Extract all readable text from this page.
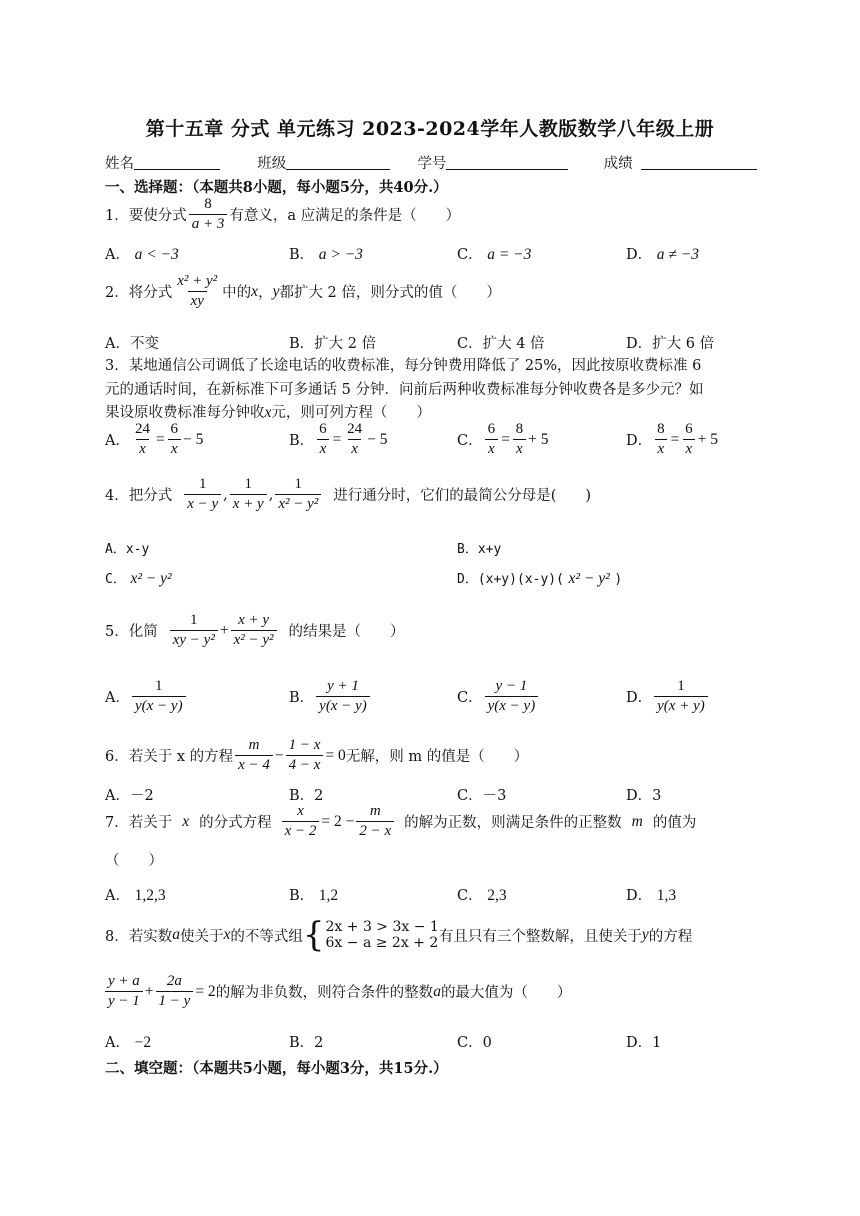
第十五章 分式 单元练习 2023-2024学年人教版数学八年级上册
姓名	班级	学号	成绩
一、选择题：（本题共8小题，每小题5分，共40分.）
1．要使分式 $\frac{8}{a + 3}$ 有意义，a 应满足的条件是（　　）
A． a < −3	B． a > −3	C． a = −3	D． a ≠ −3
2．将分式 $\frac{\text{x² + y²}}{xy}$ 中的 x ， y 都扩大 2 倍，则分式的值（　　）
A．不变	B．扩大 2 倍	C．扩大 4 倍	D．扩大 6 倍
3．某地通信公司调低了长途电话的收费标准，每分钟费用降低了 25%，因此按原收费标准 6
元的通话时间，在新标准下可多通话 5 分钟．问前后两种收费标准每分钟收费各是多少元？如
果设原收费标准每分钟收x元，则可列方程（　　）
A． $\frac{24}{x} = \frac{6}{x} - 5$	B． $\frac{6}{x} = \frac{24}{x} - 5$	C． $\frac{6}{x} = \frac{8}{x} + 5$	D． $\frac{8}{x} = \frac{6}{x} + 5$
4．把分式 $\frac{1}{x - y}$ , $\frac{1}{x + y}$ , $\frac{1}{\text{x² − y²}}$ 进行通分时，它们的最简公分母是(　　)
A．x-y	B．x+y
C． x² − y²	D．(x+y)(x-y)( x² − y² )
5．化简 $\frac{1}{\text{xy − y²}} + \frac{x + y}{\text{x² − y²}}$ 的结果是（　　）
A． $\frac{1}{y(x - y)}$	B． $\frac{y + 1}{y(x - y)}$	C． $\frac{y - 1}{y(x - y)}$	D． $\frac{1}{y(x + y)}$
6．若关于 x 的方程 $\frac{m}{x - 4} - \frac{1 - x}{4 - x} = 0$ 无解，则 m 的值是（　　）
A．－2	B．2	C．－3	D．3
7．若关于 x 的分式方程 $\frac{x}{x - 2} = 2 - \frac{m}{2 - x}$ 的解为正数，则满足条件的正整数 m 的值为
（　　）
A． 1,2,3	B． 1,2	C． 2,3	D． 1,3
8．若实数 a 使关于 x 的不等式组 { 2x + 3 > 3x − 1
6x − a ≥ 2x + 2 有且只有三个整数解，且使关于 y 的方程
$\frac{y + a}{y - 1} + \frac{2a}{1 - y} = 2$ 的解为非负数，则符合条件的整数 a 的最大值为（　　）
A． −2	B．2	C．0	D．1
二、填空题：（本题共5小题，每小题3分，共15分.）
